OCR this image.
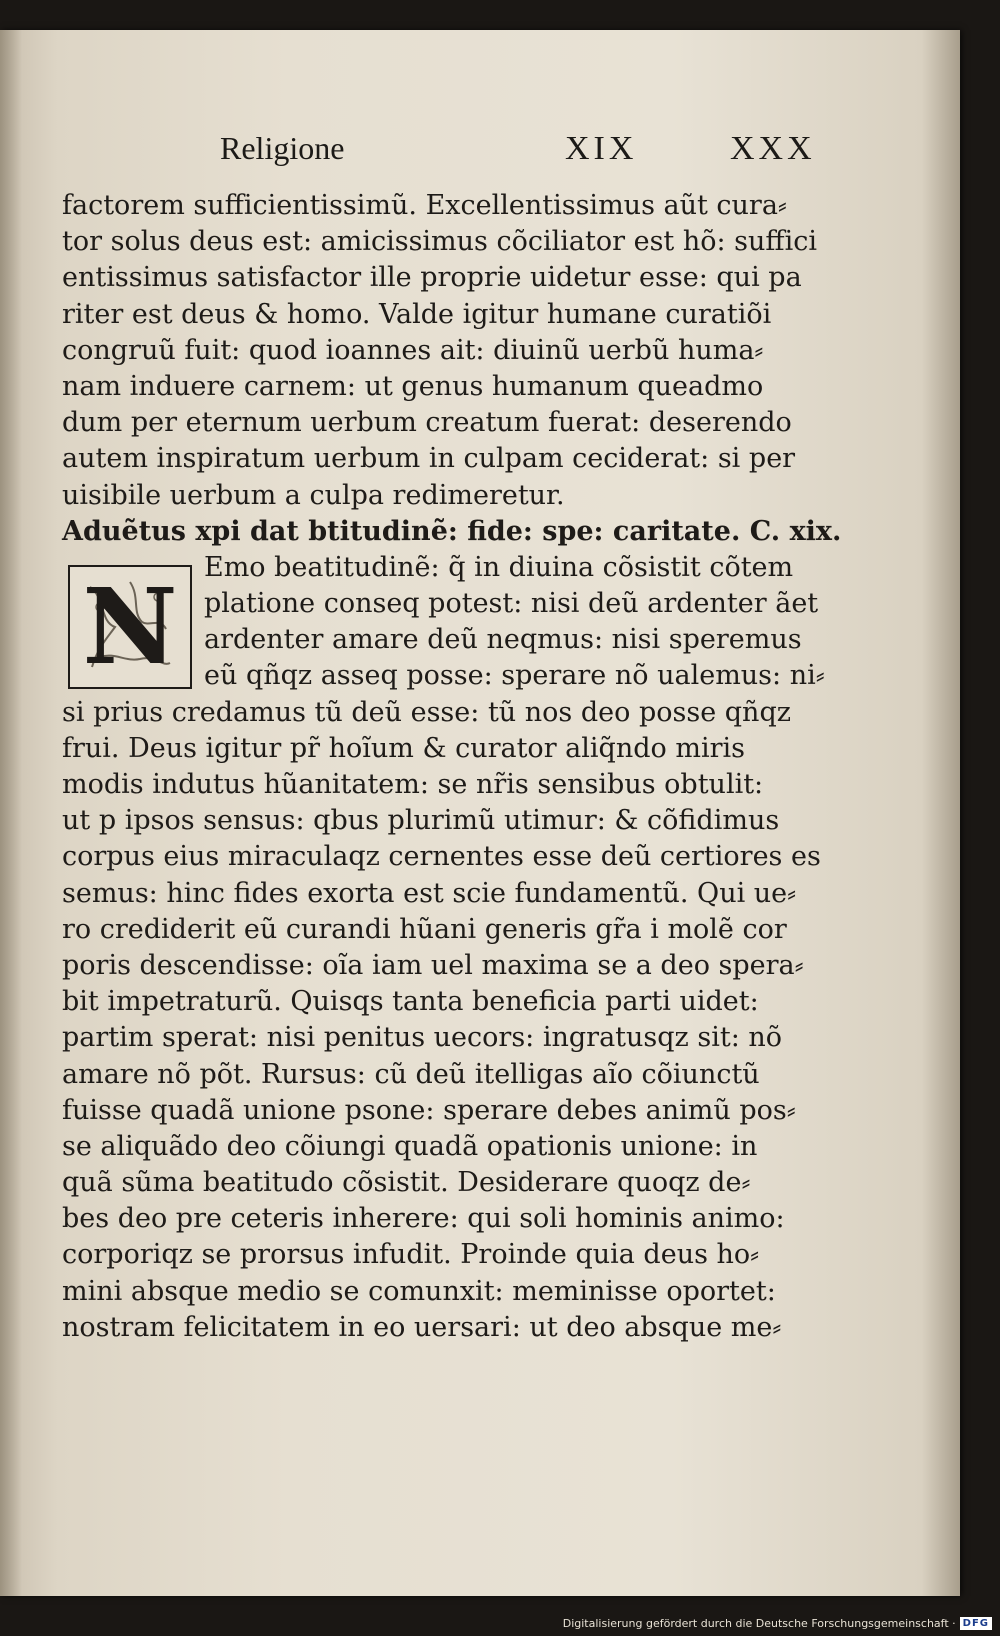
Religione	XIX	XXX
factorem sufficientissimũ. Excellentissimus aũt cura⸗
tor solus deus est: amicissimus cõciliator est hõ: suffici
entissimus satisfactor ille proprie uidetur esse: qui pa
riter est deus & homo. Valde igitur humane curatiõi
congruũ fuit: quod ioannes ait: diuinũ uerbũ huma⸗
nam induere carnem: ut genus humanum queadmo
dum per eternum uerbum creatum fuerat: deserendo
autem inspiratum uerbum in culpam ceciderat: si per
uisibile uerbum a culpa redimeretur.
Aduẽtus xpi dat btitudinẽ: fide: spe: caritate. C. xix.
Emo beatitudinẽ: q̃ in diuina cõsistit cõtem
platione conseq potest: nisi deũ ardenter ãet
ardenter amare deũ neqmus: nisi speremus
eũ qñqz asseq posse: sperare nõ ualemus: ni⸗
si prius credamus tũ deũ esse: tũ nos deo posse qñqz
frui. Deus igitur pr̃ hoĩum & curator aliq̃ndo miris
modis indutus hũanitatem: se nr̃is sensibus obtulit:
ut p ipsos sensus: qbus plurimũ utimur: & cõfidimus
corpus eius miraculaqz cernentes esse deũ certiores es
semus: hinc fides exorta est scie fundamentũ. Qui ue⸗
ro crediderit eũ curandi hũani generis gr̃a i molẽ cor
poris descendisse: oĩa iam uel maxima se a deo spera⸗
bit impetraturũ. Quisqs tanta beneficia parti uidet:
partim sperat: nisi penitus uecors: ingratusqz sit: nõ
amare nõ põt. Rursus: cũ deũ itelligas aĩo cõiunctũ
fuisse quadã unione psone: sperare debes animũ pos⸗
se aliquãdo deo cõiungi quadã opationis unione: in
quã sũma beatitudo cõsistit. Desiderare quoqz de⸗
bes deo pre ceteris inherere: qui soli hominis animo:
corporiqz se prorsus infudit. Proinde quia deus ho⸗
mini absque medio se comunxit: meminisse oportet:
nostram felicitatem in eo uersari: ut deo absque me⸗
N
Digitalisierung gefördert durch die Deutsche Forschungsgemeinschaft · DFG
